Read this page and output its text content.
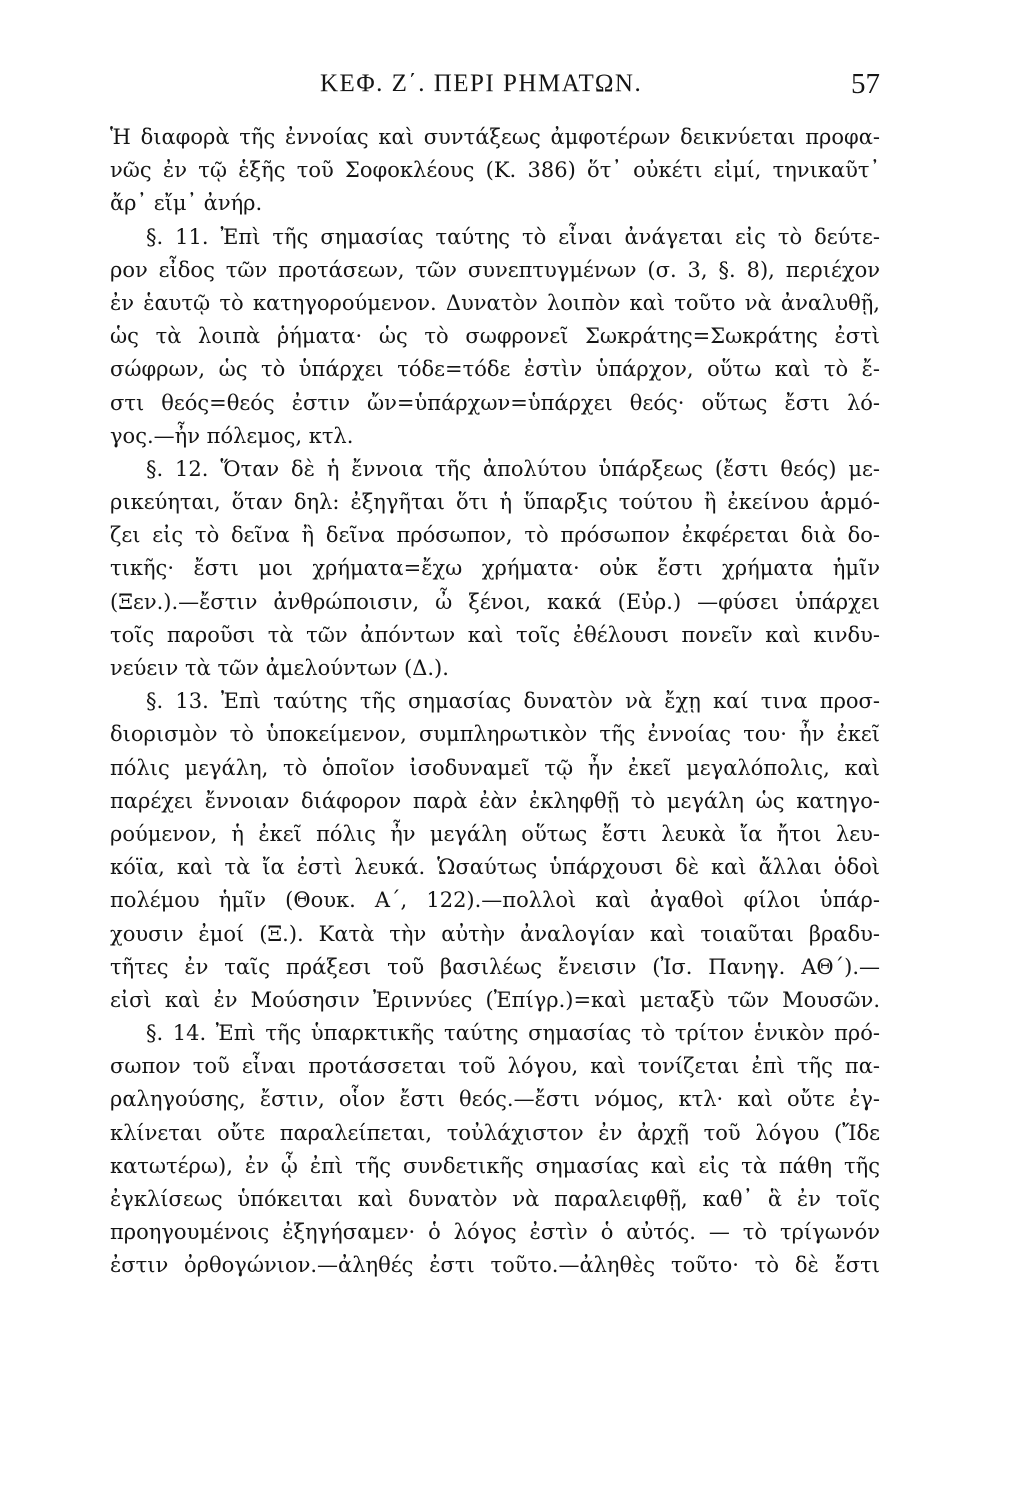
ΚΕΦ. Ζ΄. ΠΕΡΙ ΡΗΜΑΤΩΝ.	57
Ἡ διαφορὰ τῆς ἐννοίας καὶ συντάξεως ἀμφοτέρων δεικνύεται προφα-
νῶς ἐν τῷ ἑξῆς τοῦ Σοφοκλέους (Κ. 386) ὅτ᾽ οὐκέτι εἰμί, τηνικαῦτ᾽
ἄρ᾽ εἴμ᾽ ἀνήρ.
§. 11. Ἐπὶ τῆς σημασίας ταύτης τὸ εἶναι ἀνάγεται εἰς τὸ δεύτε-
ρον εἶδος τῶν προτάσεων, τῶν συνεπτυγμένων (σ. 3, §. 8), περιέχον
ἐν ἑαυτῷ τὸ κατηγορούμενον. Δυνατὸν λοιπὸν καὶ τοῦτο νὰ ἀναλυθῇ,
ὡς τὰ λοιπὰ ῥήματα· ὡς τὸ σωφρονεῖ Σωκράτης=Σωκράτης ἐστὶ
σώφρων, ὡς τὸ ὑπάρχει τόδε=τόδε ἐστὶν ὑπάρχον, οὕτω καὶ τὸ ἔ-
στι θεός=θεός ἐστιν ὤν=ὑπάρχων=ὑπάρχει θεός· οὕτως ἔστι λό-
γος.—ἦν πόλεμος, κτλ.
§. 12. Ὅταν δὲ ἡ ἔννοια τῆς ἀπολύτου ὑπάρξεως (ἔστι θεός) με-
ρικεύηται, ὅταν δηλ: ἐξηγῆται ὅτι ἡ ὕπαρξις τούτου ἢ ἐκείνου ἁρμό-
ζει εἰς τὸ δεῖνα ἢ δεῖνα πρόσωπον, τὸ πρόσωπον ἐκφέρεται διὰ δο-
τικῆς· ἔστι μοι χρήματα=ἔχω χρήματα· οὐκ ἔστι χρήματα ἡμῖν
(Ξεν.).—ἔστιν ἀνθρώποισιν, ὦ ξένοι, κακά (Εὐρ.) —φύσει ὑπάρχει
τοῖς παροῦσι τὰ τῶν ἀπόντων καὶ τοῖς ἐθέλουσι πονεῖν καὶ κινδυ-
νεύειν τὰ τῶν ἀμελούντων (Δ.).
§. 13. Ἐπὶ ταύτης τῆς σημασίας δυνατὸν νὰ ἔχῃ καί τινα προσ-
διορισμὸν τὸ ὑποκείμενον, συμπληρωτικὸν τῆς ἐννοίας του· ἦν ἐκεῖ
πόλις μεγάλη, τὸ ὁποῖον ἰσοδυναμεῖ τῷ ἦν ἐκεῖ μεγαλόπολις, καὶ
παρέχει ἔννοιαν διάφορον παρὰ ἐὰν ἐκληφθῇ τὸ μεγάλη ὡς κατηγο-
ρούμενον, ἡ ἐκεῖ πόλις ἦν μεγάλη οὕτως ἔστι λευκὰ ἴα ἤτοι λευ-
κόϊα, καὶ τὰ ἴα ἐστὶ λευκά. Ὡσαύτως ὑπάρχουσι δὲ καὶ ἄλλαι ὁδοὶ
πολέμου ἡμῖν (Θουκ. Α΄, 122).—πολλοὶ καὶ ἀγαθοὶ φίλοι ὑπάρ-
χουσιν ἐμοί (Ξ.). Κατὰ τὴν αὐτὴν ἀναλογίαν καὶ τοιαῦται βραδυ-
τῆτες ἐν ταῖς πράξεσι τοῦ βασιλέως ἔνεισιν (Ἰσ. Πανηγ. ΑΘ΄).—
εἰσὶ καὶ ἐν Μούσησιν Ἐριννύες (Ἐπίγρ.)=καὶ μεταξὺ τῶν Μουσῶν.
§. 14. Ἐπὶ τῆς ὑπαρκτικῆς ταύτης σημασίας τὸ τρίτον ἑνικὸν πρό-
σωπον τοῦ εἶναι προτάσσεται τοῦ λόγου, καὶ τονίζεται ἐπὶ τῆς πα-
ραληγούσης, ἔστιν, οἷον ἔστι θεός.—ἔστι νόμος, κτλ· καὶ οὔτε ἐγ-
κλίνεται οὔτε παραλείπεται, τοὐλάχιστον ἐν ἀρχῇ τοῦ λόγου (Ἴδε
κατωτέρω), ἐν ᾧ ἐπὶ τῆς συνδετικῆς σημασίας καὶ εἰς τὰ πάθη τῆς
ἐγκλίσεως ὑπόκειται καὶ δυνατὸν νὰ παραλειφθῇ, καθ᾽ ἃ ἐν τοῖς
προηγουμένοις ἐξηγήσαμεν· ὁ λόγος ἐστὶν ὁ αὐτός. — τὸ τρίγωνόν
ἐστιν ὀρθογώνιον.—ἀληθές ἐστι τοῦτο.—ἀληθὲς τοῦτο· τὸ δὲ ἔστι
